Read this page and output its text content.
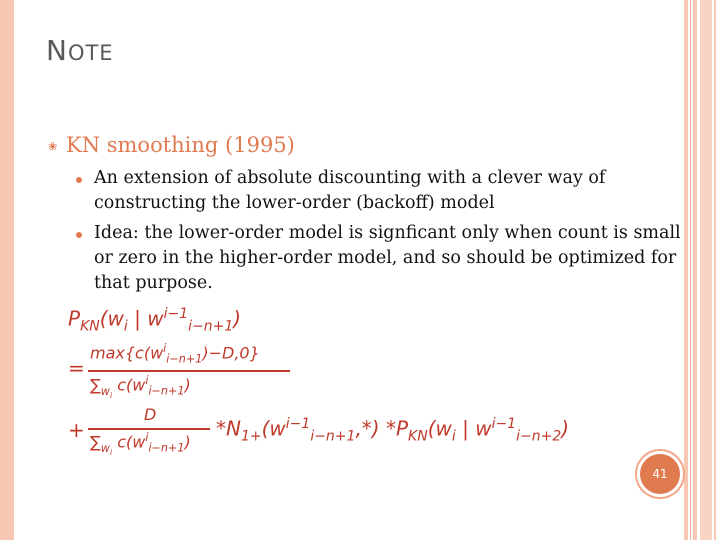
NOTE
❀ KN smoothing (1995)
An extension of absolute discounting with a clever way of constructing the lower-order (backoff) model
Idea: the lower-order model is signficant only when count is small or zero in the higher-order model, and so should be optimized for that purpose.
$P_{KN}(w_i$ | $w^{i-1}_{i-n+1}$)
=
$\max\{c(w^i_{i-n+1})-D,0\}$
$\sum_{w_i}$ $c(w^i_{i-n+1})$
+
D
$\sum_{w_i}$ $c(w^i_{i-n+1})$
$*N_{1+}(w^{i-1}_{i-n+1},*)$ $*P_{KN}(w_i$ | $w^{i-1}_{i-n+2}$)
41
